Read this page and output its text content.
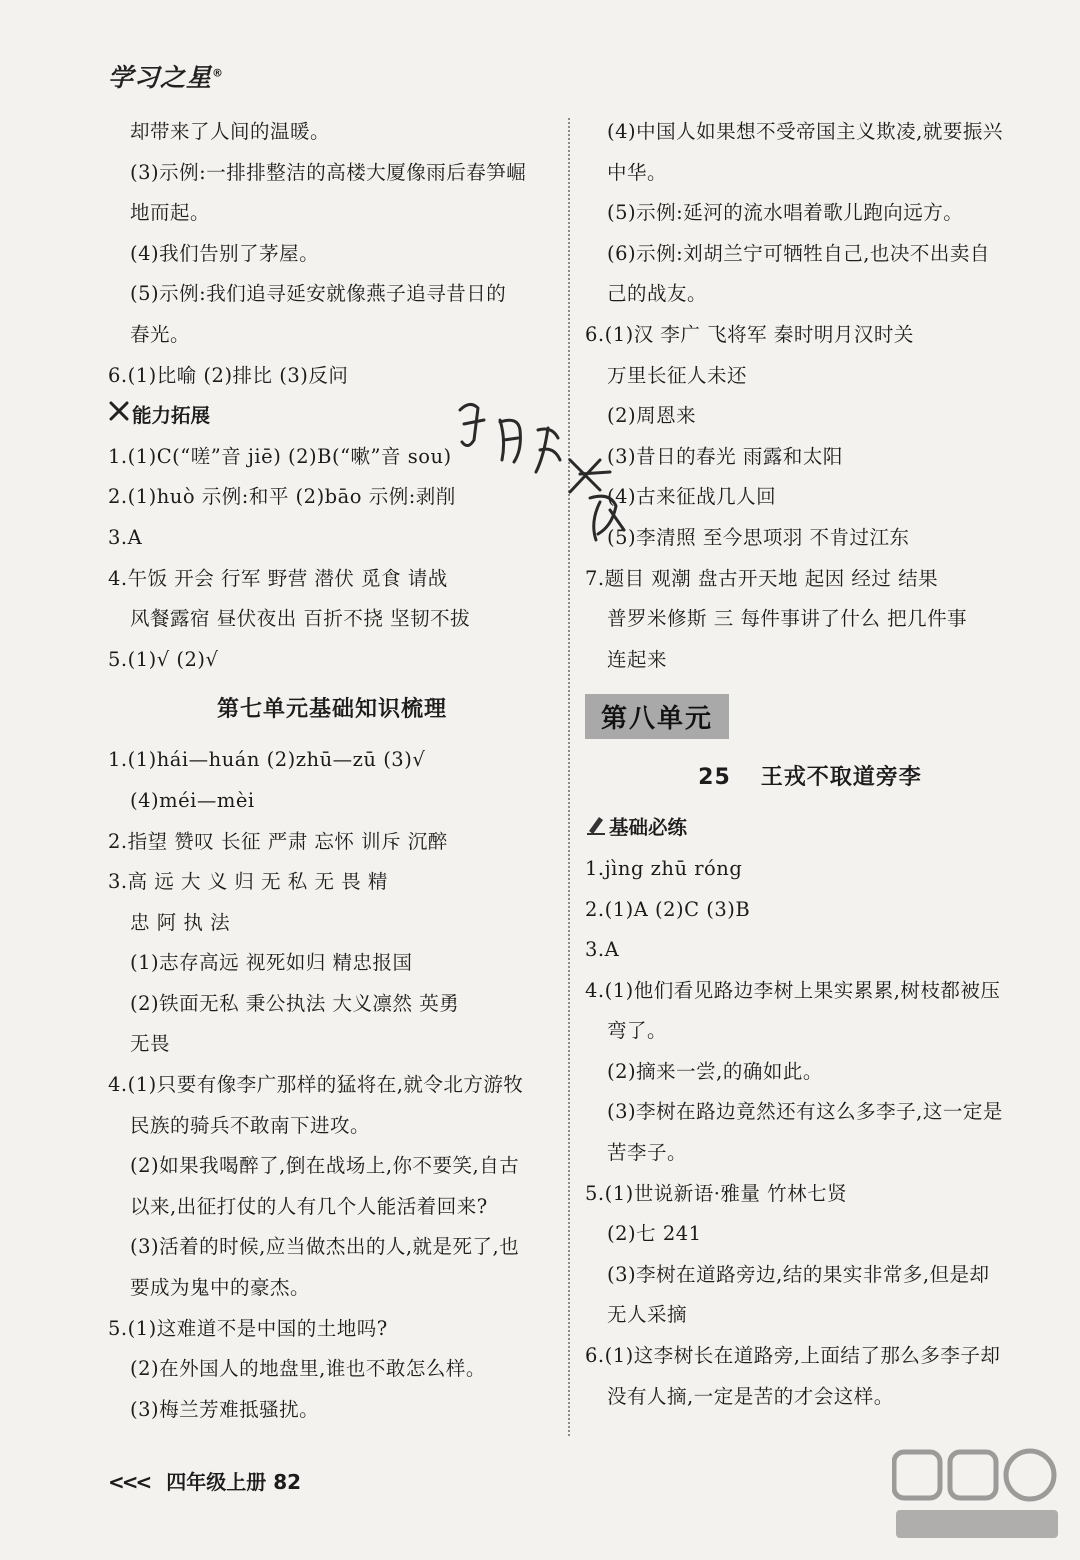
学习之星®
却带来了人间的温暖。
(3)示例:一排排整洁的高楼大厦像雨后春笋崛
地而起。
(4)我们告别了茅屋。
(5)示例:我们追寻延安就像燕子追寻昔日的
春光。
6.(1)比喻 (2)排比 (3)反问
能力拓展
1.(1)C(“嗟”音 jiē) (2)B(“嗽”音 sou)
2.(1)huò 示例:和平 (2)bāo 示例:剥削
3.A
4.午饭 开会 行军 野营 潜伏 觅食 请战
风餐露宿 昼伏夜出 百折不挠 坚韧不拔
5.(1)√ (2)√
第七单元基础知识梳理
1.(1)hái—huán (2)zhū—zū (3)√
(4)méi—mèi
2.指望 赞叹 长征 严肃 忘怀 训斥 沉醉
3.高 远 大 义 归 无 私 无 畏 精
忠 阿 执 法
(1)志存高远 视死如归 精忠报国
(2)铁面无私 秉公执法 大义凛然 英勇
无畏
4.(1)只要有像李广那样的猛将在,就令北方游牧
民族的骑兵不敢南下进攻。
(2)如果我喝醉了,倒在战场上,你不要笑,自古
以来,出征打仗的人有几个人能活着回来?
(3)活着的时候,应当做杰出的人,就是死了,也
要成为鬼中的豪杰。
5.(1)这难道不是中国的土地吗?
(2)在外国人的地盘里,谁也不敢怎么样。
(3)梅兰芳难抵骚扰。
(4)中国人如果想不受帝国主义欺凌,就要振兴
中华。
(5)示例:延河的流水唱着歌儿跑向远方。
(6)示例:刘胡兰宁可牺牲自己,也决不出卖自
己的战友。
6.(1)汉 李广 飞将军 秦时明月汉时关
万里长征人未还
(2)周恩来
(3)昔日的春光 雨露和太阳
(4)古来征战几人回
(5)李清照 至今思项羽 不肯过江东
7.题目 观潮 盘古开天地 起因 经过 结果
普罗米修斯 三 每件事讲了什么 把几件事
连起来
第八单元
25 王戎不取道旁李
基础必练
1.jìng zhū róng
2.(1)A (2)C (3)B
3.A
4.(1)他们看见路边李树上果实累累,树枝都被压
弯了。
(2)摘来一尝,的确如此。
(3)李树在路边竟然还有这么多李子,这一定是
苦李子。
5.(1)世说新语·雅量 竹林七贤
(2)七 241
(3)李树在道路旁边,结的果实非常多,但是却
无人采摘
6.(1)这李树长在道路旁,上面结了那么多李子却
没有人摘,一定是苦的才会这样。
<<< 四年级上册 82
